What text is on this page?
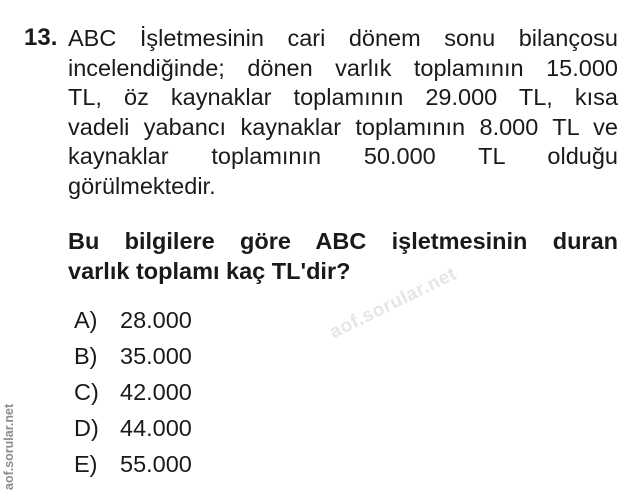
13. ABC İşletmesinin cari dönem sonu bilançosu
incelendiğinde; dönen varlık toplamının 15.000
TL, öz kaynaklar toplamının 29.000 TL, kısa
vadeli yabancı kaynaklar toplamının 8.000 TL ve
kaynaklar toplamının 50.000 TL olduğu
görülmektedir.
Bu bilgilere göre ABC işletmesinin duran
varlık toplamı kaç TL'dir?
A) 28.000
B) 35.000
C) 42.000
D) 44.000
E) 55.000
aof.sorular.net
aof.sorular.net
